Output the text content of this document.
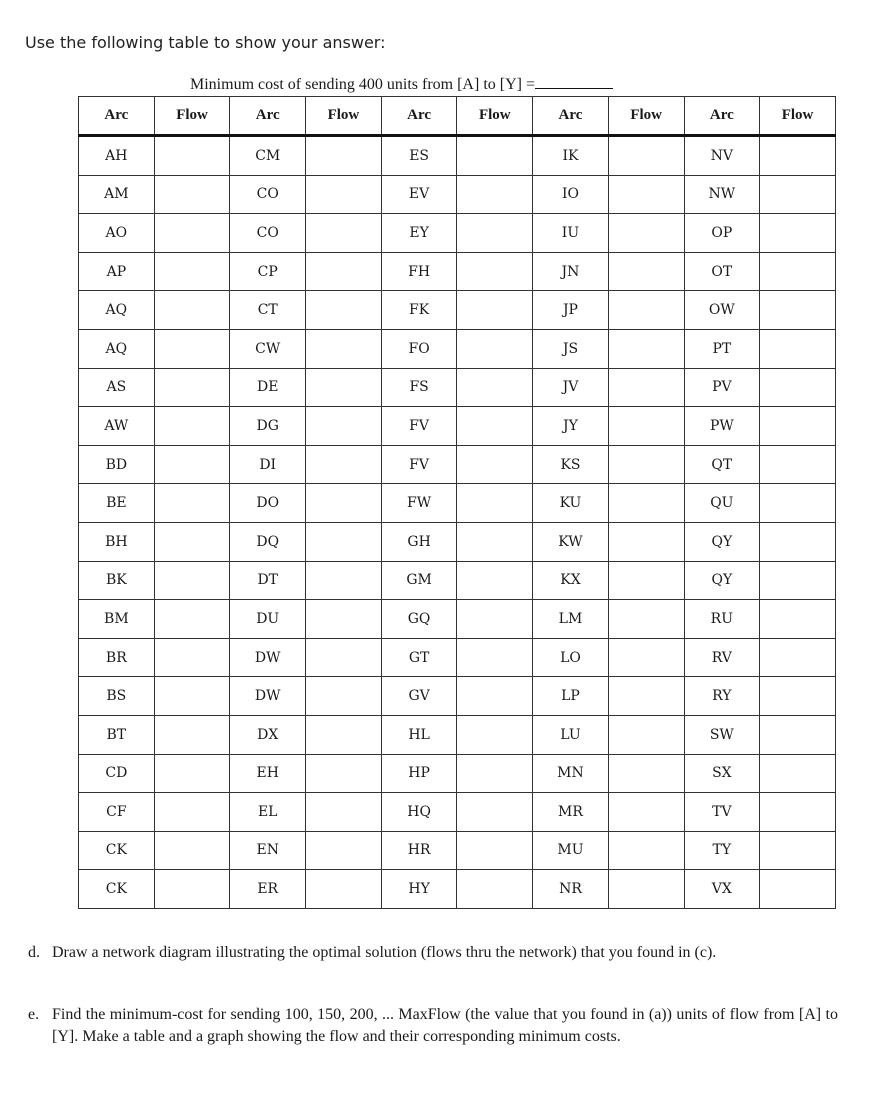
Use the following table to show your answer:
Minimum cost of sending 400 units from [A] to [Y] =
Arc	Flow	Arc	Flow	Arc	Flow	Arc	Flow	Arc	Flow
AH		CM		ES		IK		NV	
AM		CO		EV		IO		NW	
AO		CO		EY		IU		OP	
AP		CP		FH		JN		OT	
AQ		CT		FK		JP		OW	
AQ		CW		FO		JS		PT	
AS		DE		FS		JV		PV	
AW		DG		FV		JY		PW	
BD		DI		FV		KS		QT	
BE		DO		FW		KU		QU	
BH		DQ		GH		KW		QY	
BK		DT		GM		KX		QY	
BM		DU		GQ		LM		RU	
BR		DW		GT		LO		RV	
BS		DW		GV		LP		RY	
BT		DX		HL		LU		SW	
CD		EH		HP		MN		SX	
CF		EL		HQ		MR		TV	
CK		EN		HR		MU		TY	
CK		ER		HY		NR		VX	
d. Draw a network diagram illustrating the optimal solution (flows thru the network) that you found in (c).
e. Find the minimum-cost for sending 100, 150, 200, ... MaxFlow (the value that you found in (a)) units of flow from [A] to [Y]. Make a table and a graph showing the flow and their corresponding minimum costs.
